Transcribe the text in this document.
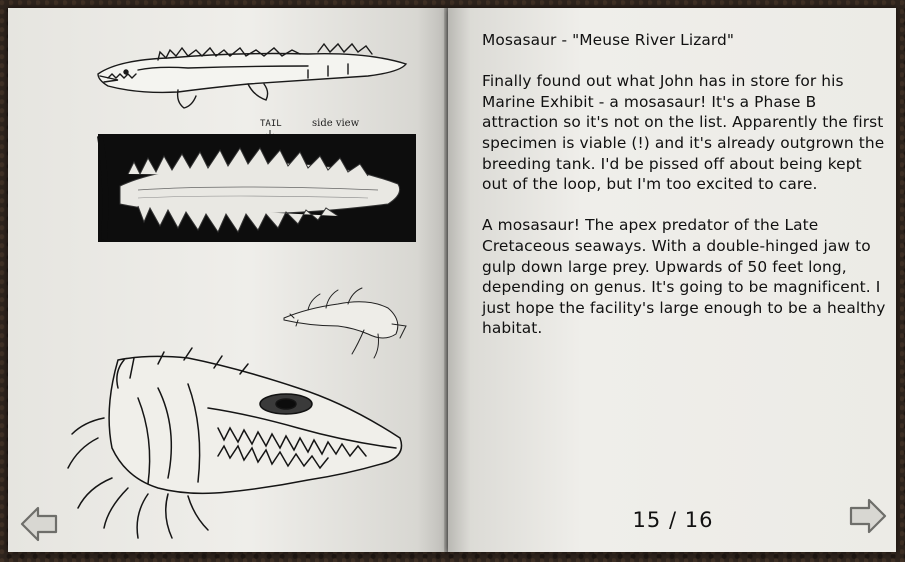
TAIL	side view
Mosasaur - "Meuse River Lizard"

Finally found out what John has in store for his Marine Exhibit - a mosasaur! It's a Phase B attraction so it's not on the list. Apparently the first specimen is viable (!) and it's already outgrown the breeding tank. I'd be pissed off about being kept out of the loop, but I'm too excited to care.

A mosasaur! The apex predator of the Late Cretaceous seaways. With a double-hinged jaw to gulp down large prey. Upwards of 50 feet long, depending on genus. It's going to be magnificent. I just hope the facility's large enough to be a healthy habitat.

15 / 16
